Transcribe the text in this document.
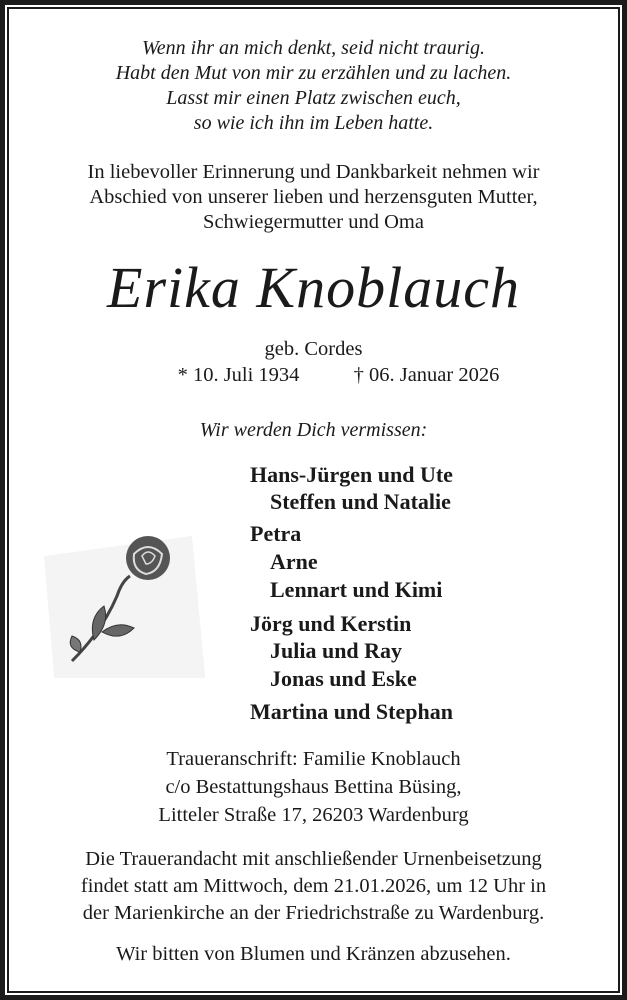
Wenn ihr an mich denkt, seid nicht traurig.
Habt den Mut von mir zu erzählen und zu lachen.
Lasst mir einen Platz zwischen euch,
so wie ich ihn im Leben hatte.
In liebevoller Erinnerung und Dankbarkeit nehmen wir
Abschied von unserer lieben und herzensguten Mutter,
Schwiegermutter und Oma
Erika Knoblauch
geb. Cordes
* 10. Juli 1934	† 06. Januar 2026
Wir werden Dich vermissen:
Hans-Jürgen und Ute
Steffen und Natalie
Petra
Arne
Lennart und Kimi
Jörg und Kerstin
Julia und Ray
Jonas und Eske
Martina und Stephan
Traueranschrift: Familie Knoblauch
c/o Bestattungshaus Bettina Büsing,
Litteler Straße 17, 26203 Wardenburg
Die Trauerandacht mit anschließender Urnenbeisetzung
findet statt am Mittwoch, dem 21.01.2026, um 12 Uhr in
der Marienkirche an der Friedrichstraße zu Wardenburg.
Wir bitten von Blumen und Kränzen abzusehen.
